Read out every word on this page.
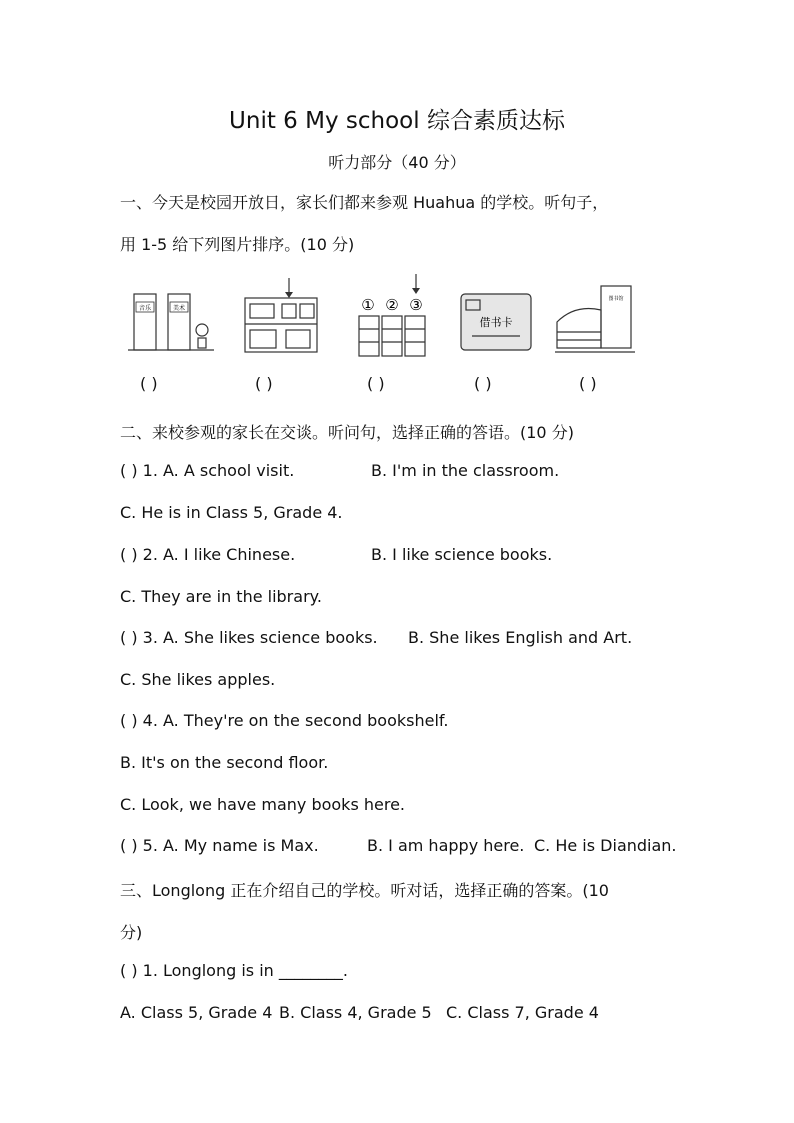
Unit 6 My school 综合素质达标
听力部分（40 分）
一、今天是校园开放日，家长们都来参观 Huahua 的学校。听句子，
用 1-5 给下列图片排序。(10 分)
音乐	美术	① ② ③
借书卡
图书馆
( )	( )	( )	( )	( )
二、来校参观的家长在交谈。听问句，选择正确的答语。(10 分)
( ) 1. A. A school visit.	B. I'm in the classroom.
C. He is in Class 5, Grade 4.
( ) 2. A. I like Chinese.	B. I like science books.
C. They are in the library.
( ) 3. A. She likes science books. B. She likes English and Art.
C. She likes apples.
( ) 4. A. They're on the second bookshelf.
B. It's on the second floor.
C. Look, we have many books here.
( ) 5. A. My name is Max.	B. I am happy here. C. He is Diandian.
三、Longlong 正在介绍自己的学校。听对话，选择正确的答案。(10
分)
( ) 1. Longlong is in ________.
A. Class 5, Grade 4 B. Class 4, Grade 5 C. Class 7, Grade 4
